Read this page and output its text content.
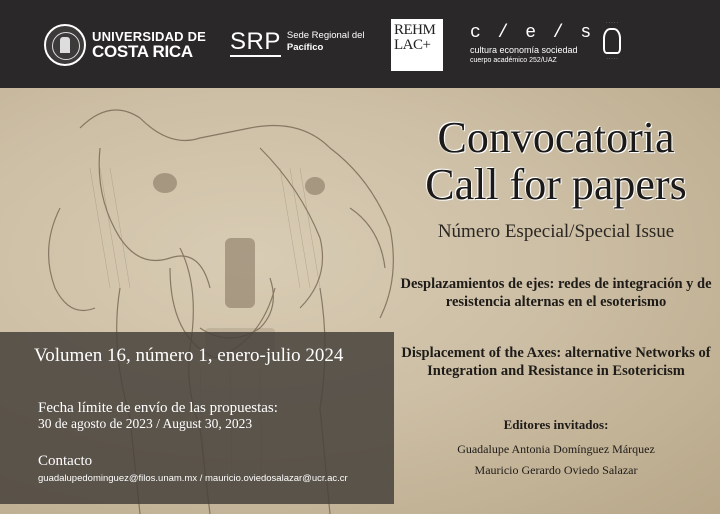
UNIVERSIDAD DE
COSTA RICA	SRP Sede Regional del
Pacífico
REHM
LAC+
c / e / s
cultura economía sociedad
cuerpo académico 252/UAZ
· · · · ·
· · · · ·
Convocatoria
Call for papers
Número Especial/Special Issue
Desplazamientos de ejes: redes de integración y de resistencia alternas en el esoterismo
Displacement of the Axes: alternative Networks of Integration and Resistance in Esotericism
Editores invitados:
Guadalupe Antonia Domínguez Márquez
Mauricio Gerardo Oviedo Salazar
Volumen 16, número 1, enero-julio 2024
Fecha límite de envío de las propuestas:
30 de agosto de 2023 / August 30, 2023
Contacto
guadalupedominguez@filos.unam.mx / mauricio.oviedosalazar@ucr.ac.cr
